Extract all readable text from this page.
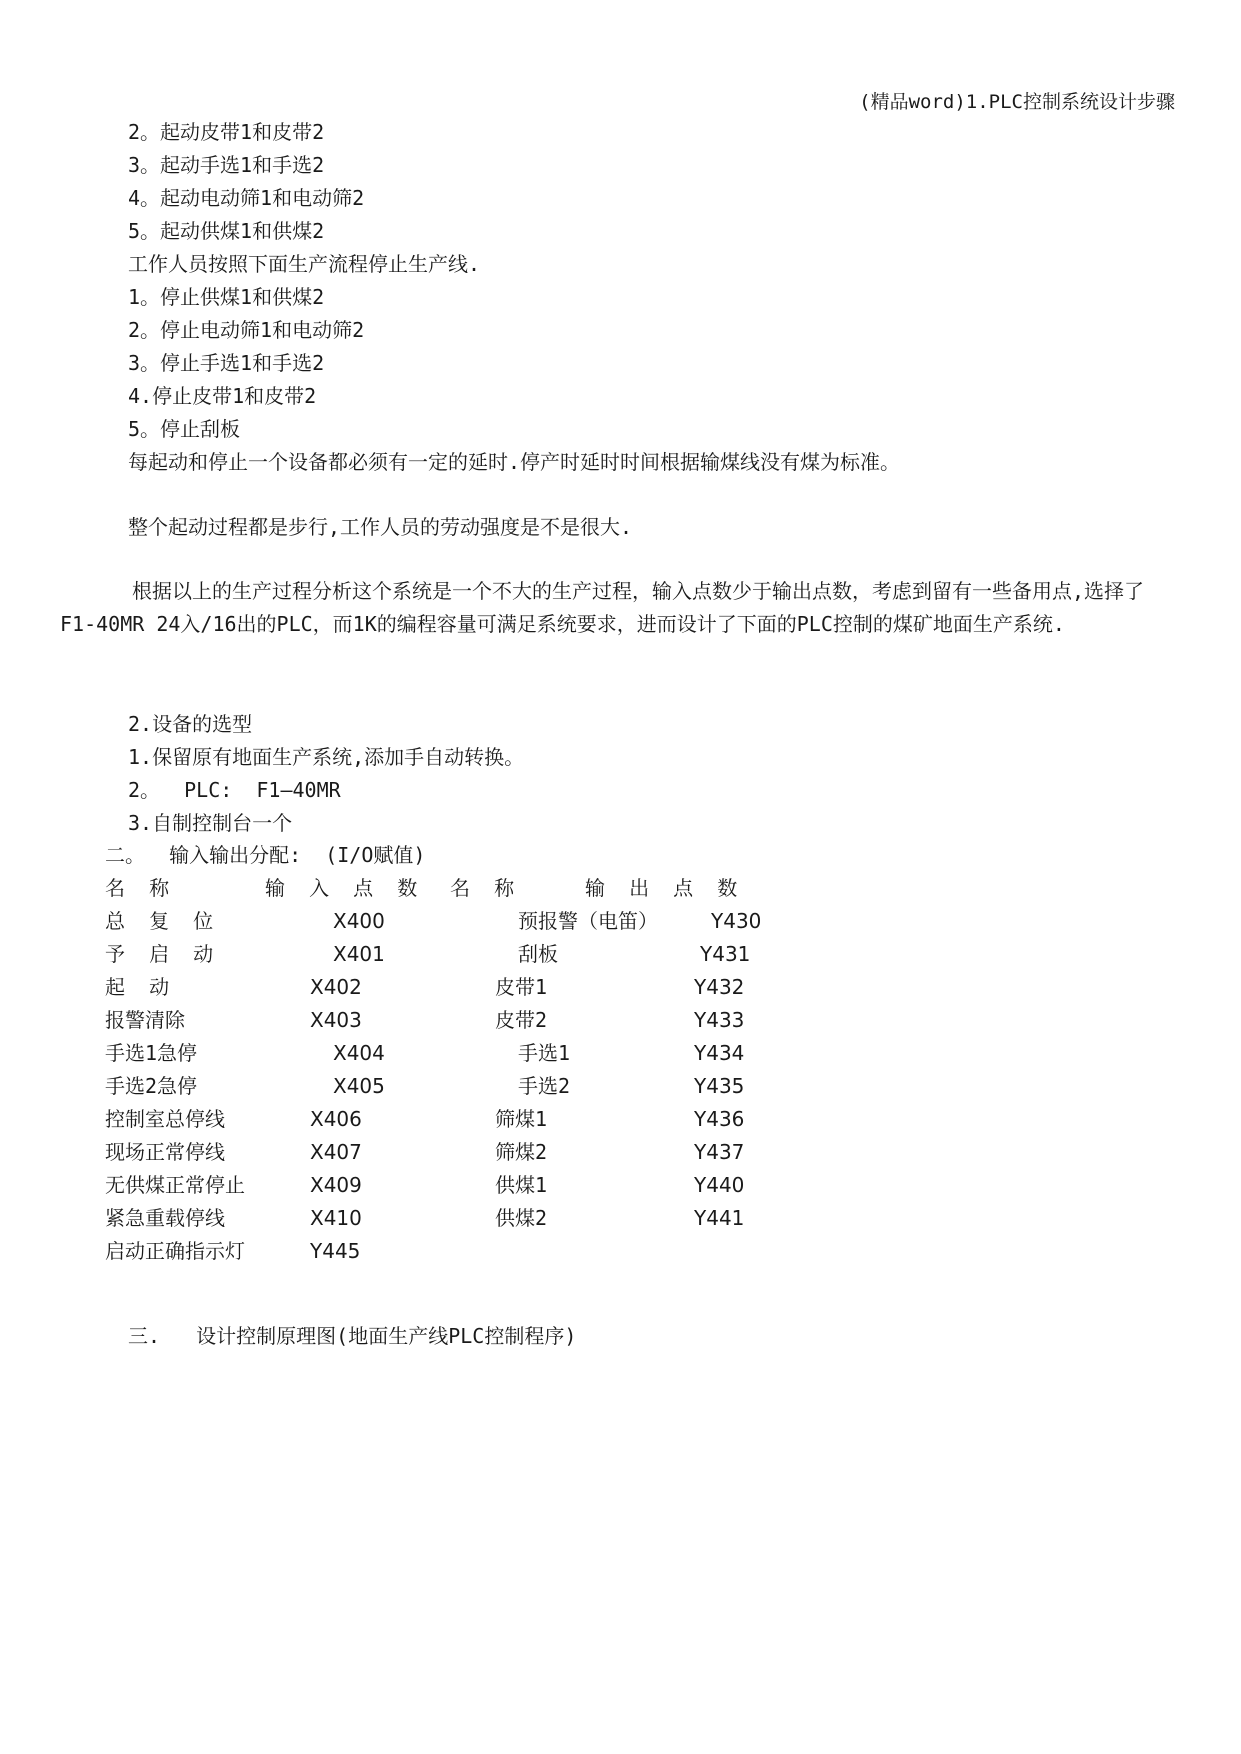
(精品word)1.PLC控制系统设计步骤
2。起动皮带1和皮带2
3。起动手选1和手选2
4。起动电动筛1和电动筛2
5。起动供煤1和供煤2
工作人员按照下面生产流程停止生产线.
1。停止供煤1和供煤2
2。停止电动筛1和电动筛2
3。停止手选1和手选2
4.停止皮带1和皮带2
5。停止刮板
每起动和停止一个设备都必须有一定的延时.停产时延时时间根据输煤线没有煤为标准。
整个起动过程都是步行,工作人员的劳动强度是不是很大.
根据以上的生产过程分析这个系统是一个不大的生产过程，输入点数少于输出点数，考虑到留有一些备用点,选择了F1-40MR 24入/16出的PLC，而1K的编程容量可满足系统要求，进而设计了下面的PLC控制的煤矿地面生产系统.
2.设备的选型
1.保留原有地面生产系统,添加手自动转换。
2。  PLC:  F1—40MR
3.自制控制台一个
二。  输入输出分配:  (I/O赋值)
名  称	输  入  点  数 名  称	输  出  点  数
总  复  位
予  启  动
起  动
报警清除
手选1急停
手选2急停
控制室总停线
现场正常停线
无供煤正常停止
紧急重载停线
启动正确指示灯
X400
X401
X402
X403
X404
X405
X406
X407
X409
X410
Y445
预报警（电笛）
刮板
皮带1
皮带2
手选1
手选2
筛煤1
筛煤2
供煤1
供煤2
Y430
Y431
Y432
Y433
Y434
Y435
Y436
Y437
Y440
Y441
三.   设计控制原理图(地面生产线PLC控制程序)
